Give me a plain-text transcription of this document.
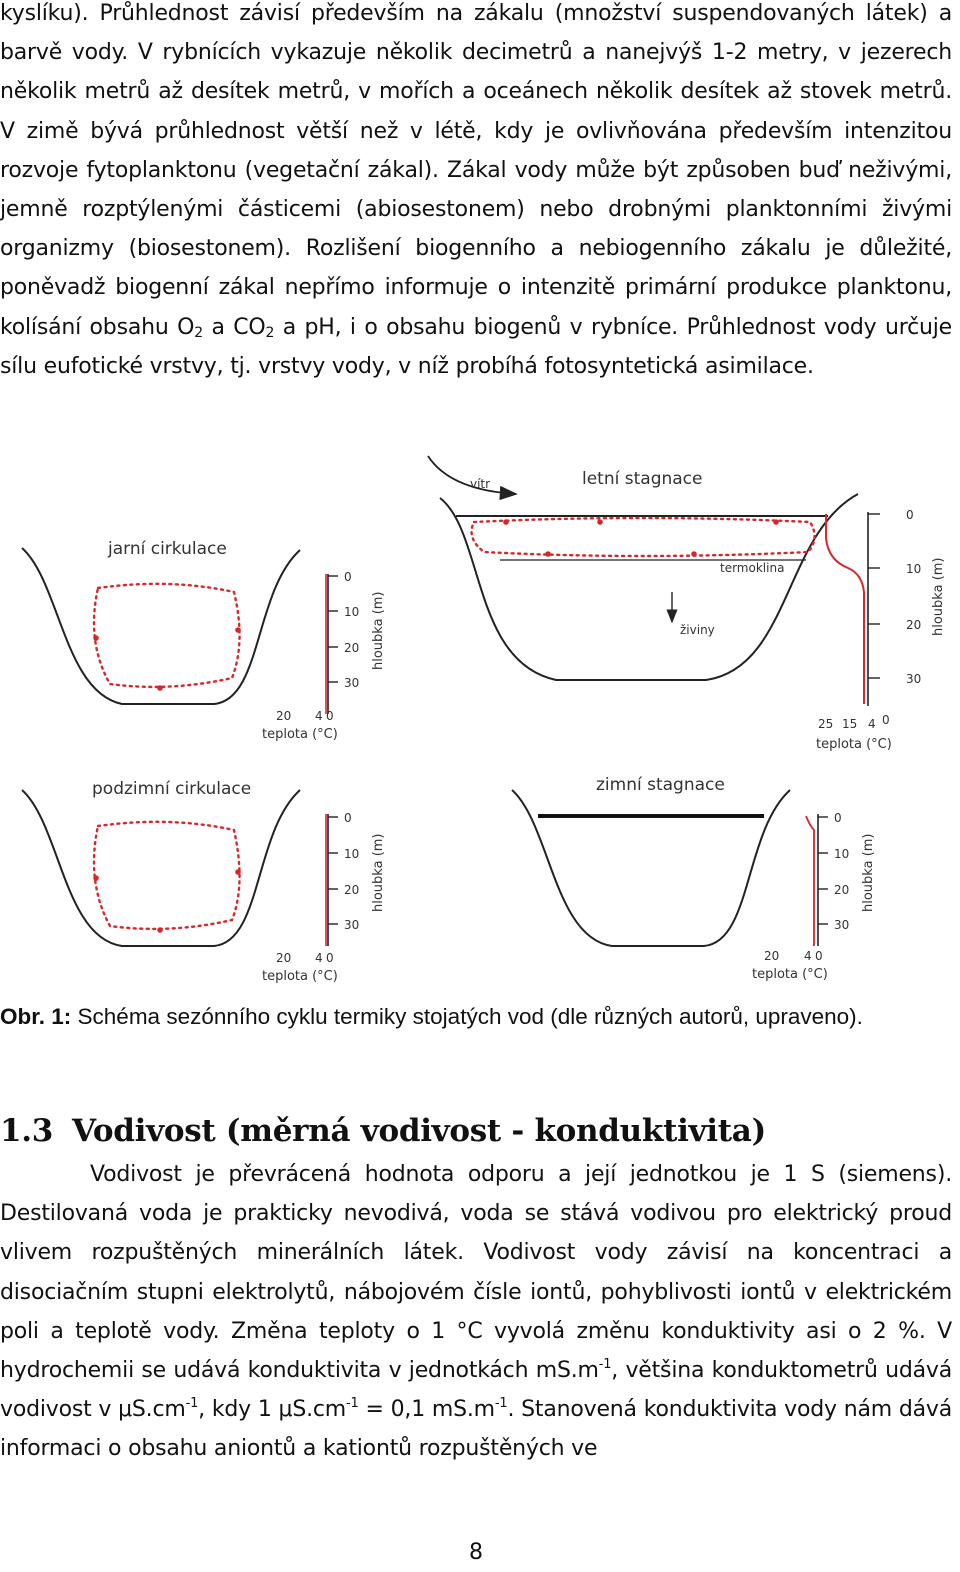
kyslíku). Průhlednost závisí především na zákalu (množství suspendovaných látek) a barvě vody. V rybnících vykazuje několik decimetrů a nanejvýš 1-2 metry, v jezerech několik metrů až desítek metrů, v mořích a oceánech několik desítek až stovek metrů. V zimě bývá průhlednost větší než v létě, kdy je ovlivňována především intenzitou rozvoje fytoplanktonu (vegetační zákal). Zákal vody může být způsoben buď neživými, jemně rozptýlenými částicemi (abiosestonem) nebo drobnými planktonními živými organizmy (biosestonem). Rozlišení biogenního a nebiogenního zákalu je důležité, poněvadž biogenní zákal nepřímo informuje o intenzitě primární produkce planktonu, kolísání obsahu $O_2$ a $CO_2$ a pH, i o obsahu biogenů v rybníce. Průhlednost vody určuje sílu eufotické vrstvy, tj. vrstvy vody, v níž probíhá fotosyntetická asimilace.

jarní cirkulace
0
10
20
30
hloubka (m)
20 4 0
teplota (°C)
letní stagnace
vítr
termoklina
živiny
0
10
20
30
hloubka (m)
25 15 4 0
teplota (°C)
podzimní cirkulace
0
10
20
30
hloubka (m)
20 4 0
teplota (°C)
zimní stagnace
0
10
20
30
hloubka (m)
20 4 0
teplota (°C)

Obr. 1: Schéma sezónního cyklu termiky stojatých vod (dle různých autorů, upraveno).

1.3 Vodivost (měrná vodivost - konduktivita)

Vodivost je převrácená hodnota odporu a její jednotkou je 1 S (siemens). Destilovaná voda je prakticky nevodivá, voda se stává vodivou pro elektrický proud vlivem rozpuštěných minerálních látek. Vodivost vody závisí na koncentraci a disociačním stupni elektrolytů, nábojovém čísle iontů, pohyblivosti iontů v elektrickém poli a teplotě vody. Změna teploty o 1 °C vyvolá změnu konduktivity asi o 2 %. V hydrochemii se udává konduktivita v jednotkách $mS.m^{-1}$, většina konduktometrů udává vodivost v $\mu S.cm^{-1}$, kdy 1 $\mu S.cm^{-1} = 0,1$ $mS.m^{-1}$. Stanovená konduktivita vody nám dává informaci o obsahu aniontů a kationtů rozpuštěných ve

8
